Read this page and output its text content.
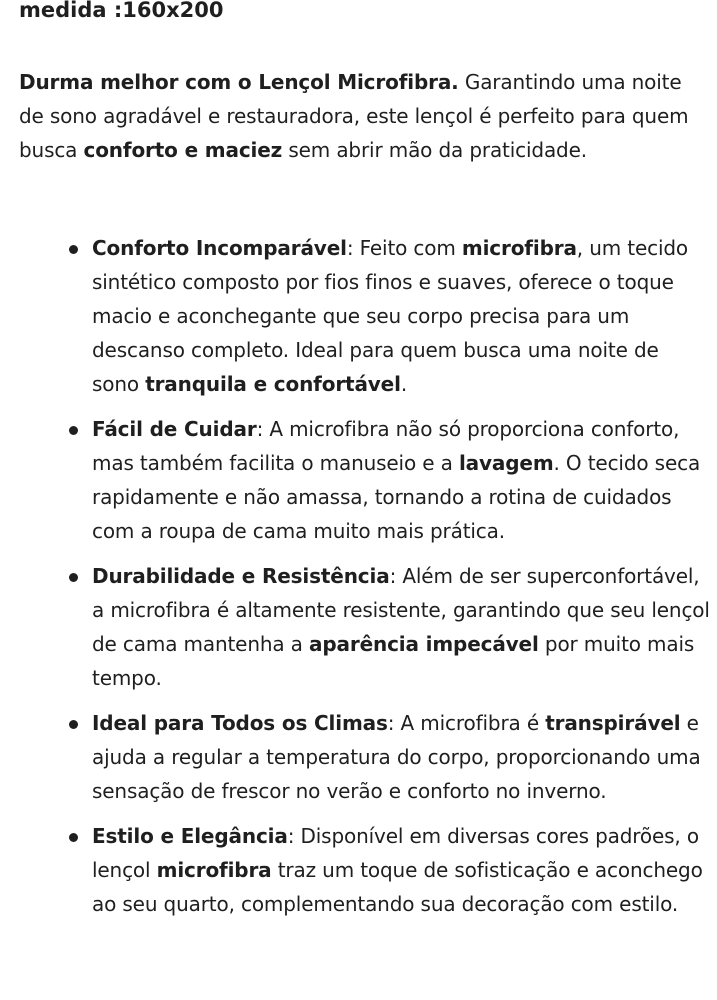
medida :160x200

Durma melhor com o Lençol Microfibra. Garantindo uma noite de sono agradável e restauradora, este lençol é perfeito para quem busca conforto e maciez sem abrir mão da praticidade.

Conforto Incomparável: Feito com microfibra, um tecido sintético composto por fios finos e suaves, oferece o toque macio e aconchegante que seu corpo precisa para um descanso completo. Ideal para quem busca uma noite de sono tranquila e confortável.
Fácil de Cuidar: A microfibra não só proporciona conforto, mas também facilita o manuseio e a lavagem. O tecido seca rapidamente e não amassa, tornando a rotina de cuidados com a roupa de cama muito mais prática.
Durabilidade e Resistência: Além de ser superconfortável, a microfibra é altamente resistente, garantindo que seu lençol de cama mantenha a aparência impecável por muito mais tempo.
Ideal para Todos os Climas: A microfibra é transpirável e ajuda a regular a temperatura do corpo, proporcionando uma sensação de frescor no verão e conforto no inverno.
Estilo e Elegância: Disponível em diversas cores padrões, o lençol microfibra traz um toque de sofisticação e aconchego ao seu quarto, complementando sua decoração com estilo.
